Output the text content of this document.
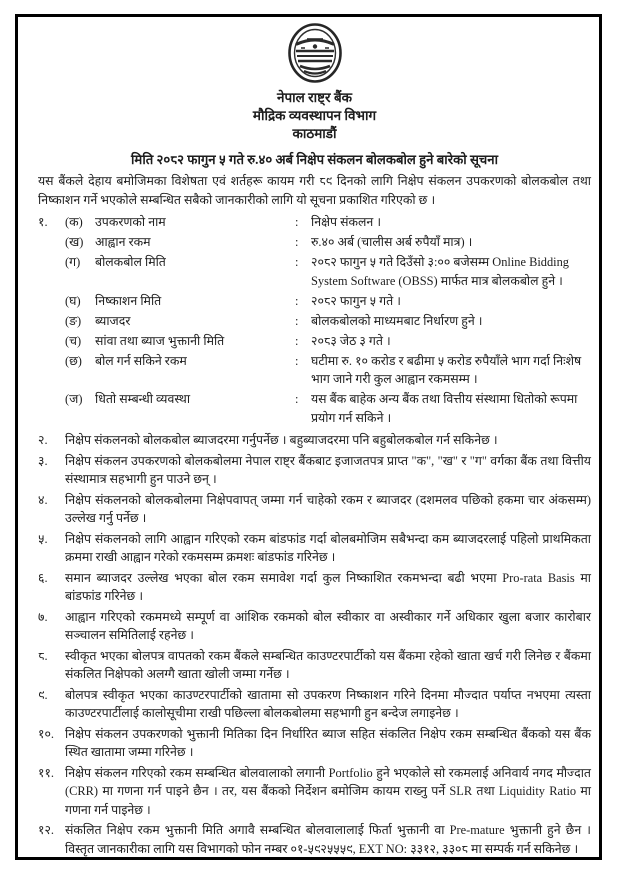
नेपाल राष्ट्र बैंक
मौद्रिक व्यवस्थापन विभाग
काठमाडौं
मिति २०८२ फागुन ५ गते रु.४० अर्ब निक्षेप संकलन बोलकबोल हुने बारेको सूचना

यस बैंकले देहाय बमोजिमका विशेषता एवं शर्तहरू कायम गरी ८९ दिनको लागि निक्षेप संकलन उपकरणको बोलकबोल तथा निष्काशन गर्ने भएकोले सम्बन्धित सबैको जानकारीको लागि यो सूचना प्रकाशित गरिएको छ ।

१.	(क) उपकरणको नाम	:	निक्षेप संकलन ।
(ख) आह्वान रकम	:	रु.४० अर्ब (चालीस अर्ब रुपैयाँ मात्र) ।
(ग)	बोलकबोल मिति	:	२०८२ फागुन ५ गते दिउँसो ३:०० बजेसम्म Online Bidding System Software (OBSS) मार्फत मात्र बोलकबोल हुने ।
(घ)	निष्काशन मिति	:	२०८२ फागुन ५ गते ।
(ङ)	ब्याजदर	:	बोलकबोलको माध्यमबाट निर्धारण हुने ।
(च)	सांवा तथा ब्याज भुक्तानी मिति	:	२०८३ जेठ ३ गते ।
(छ)	बोल गर्न सकिने रकम	:	घटीमा रु. १० करोड र बढीमा ५ करोड रुपैयाँले भाग गर्दा निःशेष भाग जाने गरी कुल आह्वान रकमसम्म ।
(ज)	धितो सम्बन्धी व्यवस्था	:	यस बैंक बाहेक अन्य बैंक तथा वित्तीय संस्थामा धितोको रूपमा प्रयोग गर्न सकिने ।
२.	निक्षेप संकलनको बोलकबोल ब्याजदरमा गर्नुपर्नेछ । बहुब्याजदरमा पनि बहुबोलकबोल गर्न सकिनेछ ।
३.	निक्षेप संकलन उपकरणको बोलकबोलमा नेपाल राष्ट्र बैंकबाट इजाजतपत्र प्राप्त "क", "ख" र "ग" वर्गका बैंक तथा वित्तीय संस्थामात्र सहभागी हुन पाउने छन् ।
४.	निक्षेप संकलनको बोलकबोलमा निक्षेपवापत् जम्मा गर्न चाहेको रकम र ब्याजदर (दशमलव पछिको हकमा चार अंकसम्म) उल्लेख गर्नु पर्नेछ ।
५.	निक्षेप संकलनको लागि आह्वान गरिएको रकम बांडफांड गर्दा बोलबमोजिम सबैभन्दा कम ब्याजदरलाई पहिलो प्राथमिकता क्रममा राखी आह्वान गरेको रकमसम्म क्रमशः बांडफांड गरिनेछ ।
६.	समान ब्याजदर उल्लेख भएका बोल रकम समावेश गर्दा कुल निष्काशित रकमभन्दा बढी भएमा Pro-rata Basis मा बांडफांड गरिनेछ ।
७.	आह्वान गरिएको रकममध्ये सम्पूर्ण वा आंशिक रकमको बोल स्वीकार वा अस्वीकार गर्ने अधिकार खुला बजार कारोबार सञ्चालन समितिलाई रहनेछ ।
८.	स्वीकृत भएका बोलपत्र वापतको रकम बैंकले सम्बन्धित काउण्टरपार्टीको यस बैंकमा रहेको खाता खर्च गरी लिनेछ र बैंकमा संकलित निक्षेपको अलग्गै खाता खोली जम्मा गर्नेछ ।
९.	बोलपत्र स्वीकृत भएका काउण्टरपार्टीको खातामा सो उपकरण निष्काशन गरिने दिनमा मौज्दात पर्याप्त नभएमा त्यस्ता काउण्टरपार्टीलाई कालोसूचीमा राखी पछिल्ला बोलकबोलमा सहभागी हुन बन्देज लगाइनेछ ।
१०. निक्षेप संकलन उपकरणको भुक्तानी मितिका दिन निर्धारित ब्याज सहित संकलित निक्षेप रकम सम्बन्धित बैंकको यस बैंक स्थित खातामा जम्मा गरिनेछ ।
११. निक्षेप संकलन गरिएको रकम सम्बन्धित बोलवालाको लगानी Portfolio हुने भएकोले सो रकमलाई अनिवार्य नगद मौज्दात (CRR) मा गणना गर्न पाइने छैन । तर, यस बैंकको निर्देशन बमोजिम कायम राख्नु पर्ने SLR तथा Liquidity Ratio मा गणना गर्न पाइनेछ ।
१२. संकलित निक्षेप रकम भुक्तानी मिति अगावै सम्बन्धित बोलवालालाई फिर्ता भुक्तानी वा Pre-mature भुक्तानी हुने छैन । विस्तृत जानकारीका लागि यस विभागको फोन नम्बर ०१-५९२५५५९, EXT NO: ३३१२, ३३०८ मा सम्पर्क गर्न सकिनेछ ।
